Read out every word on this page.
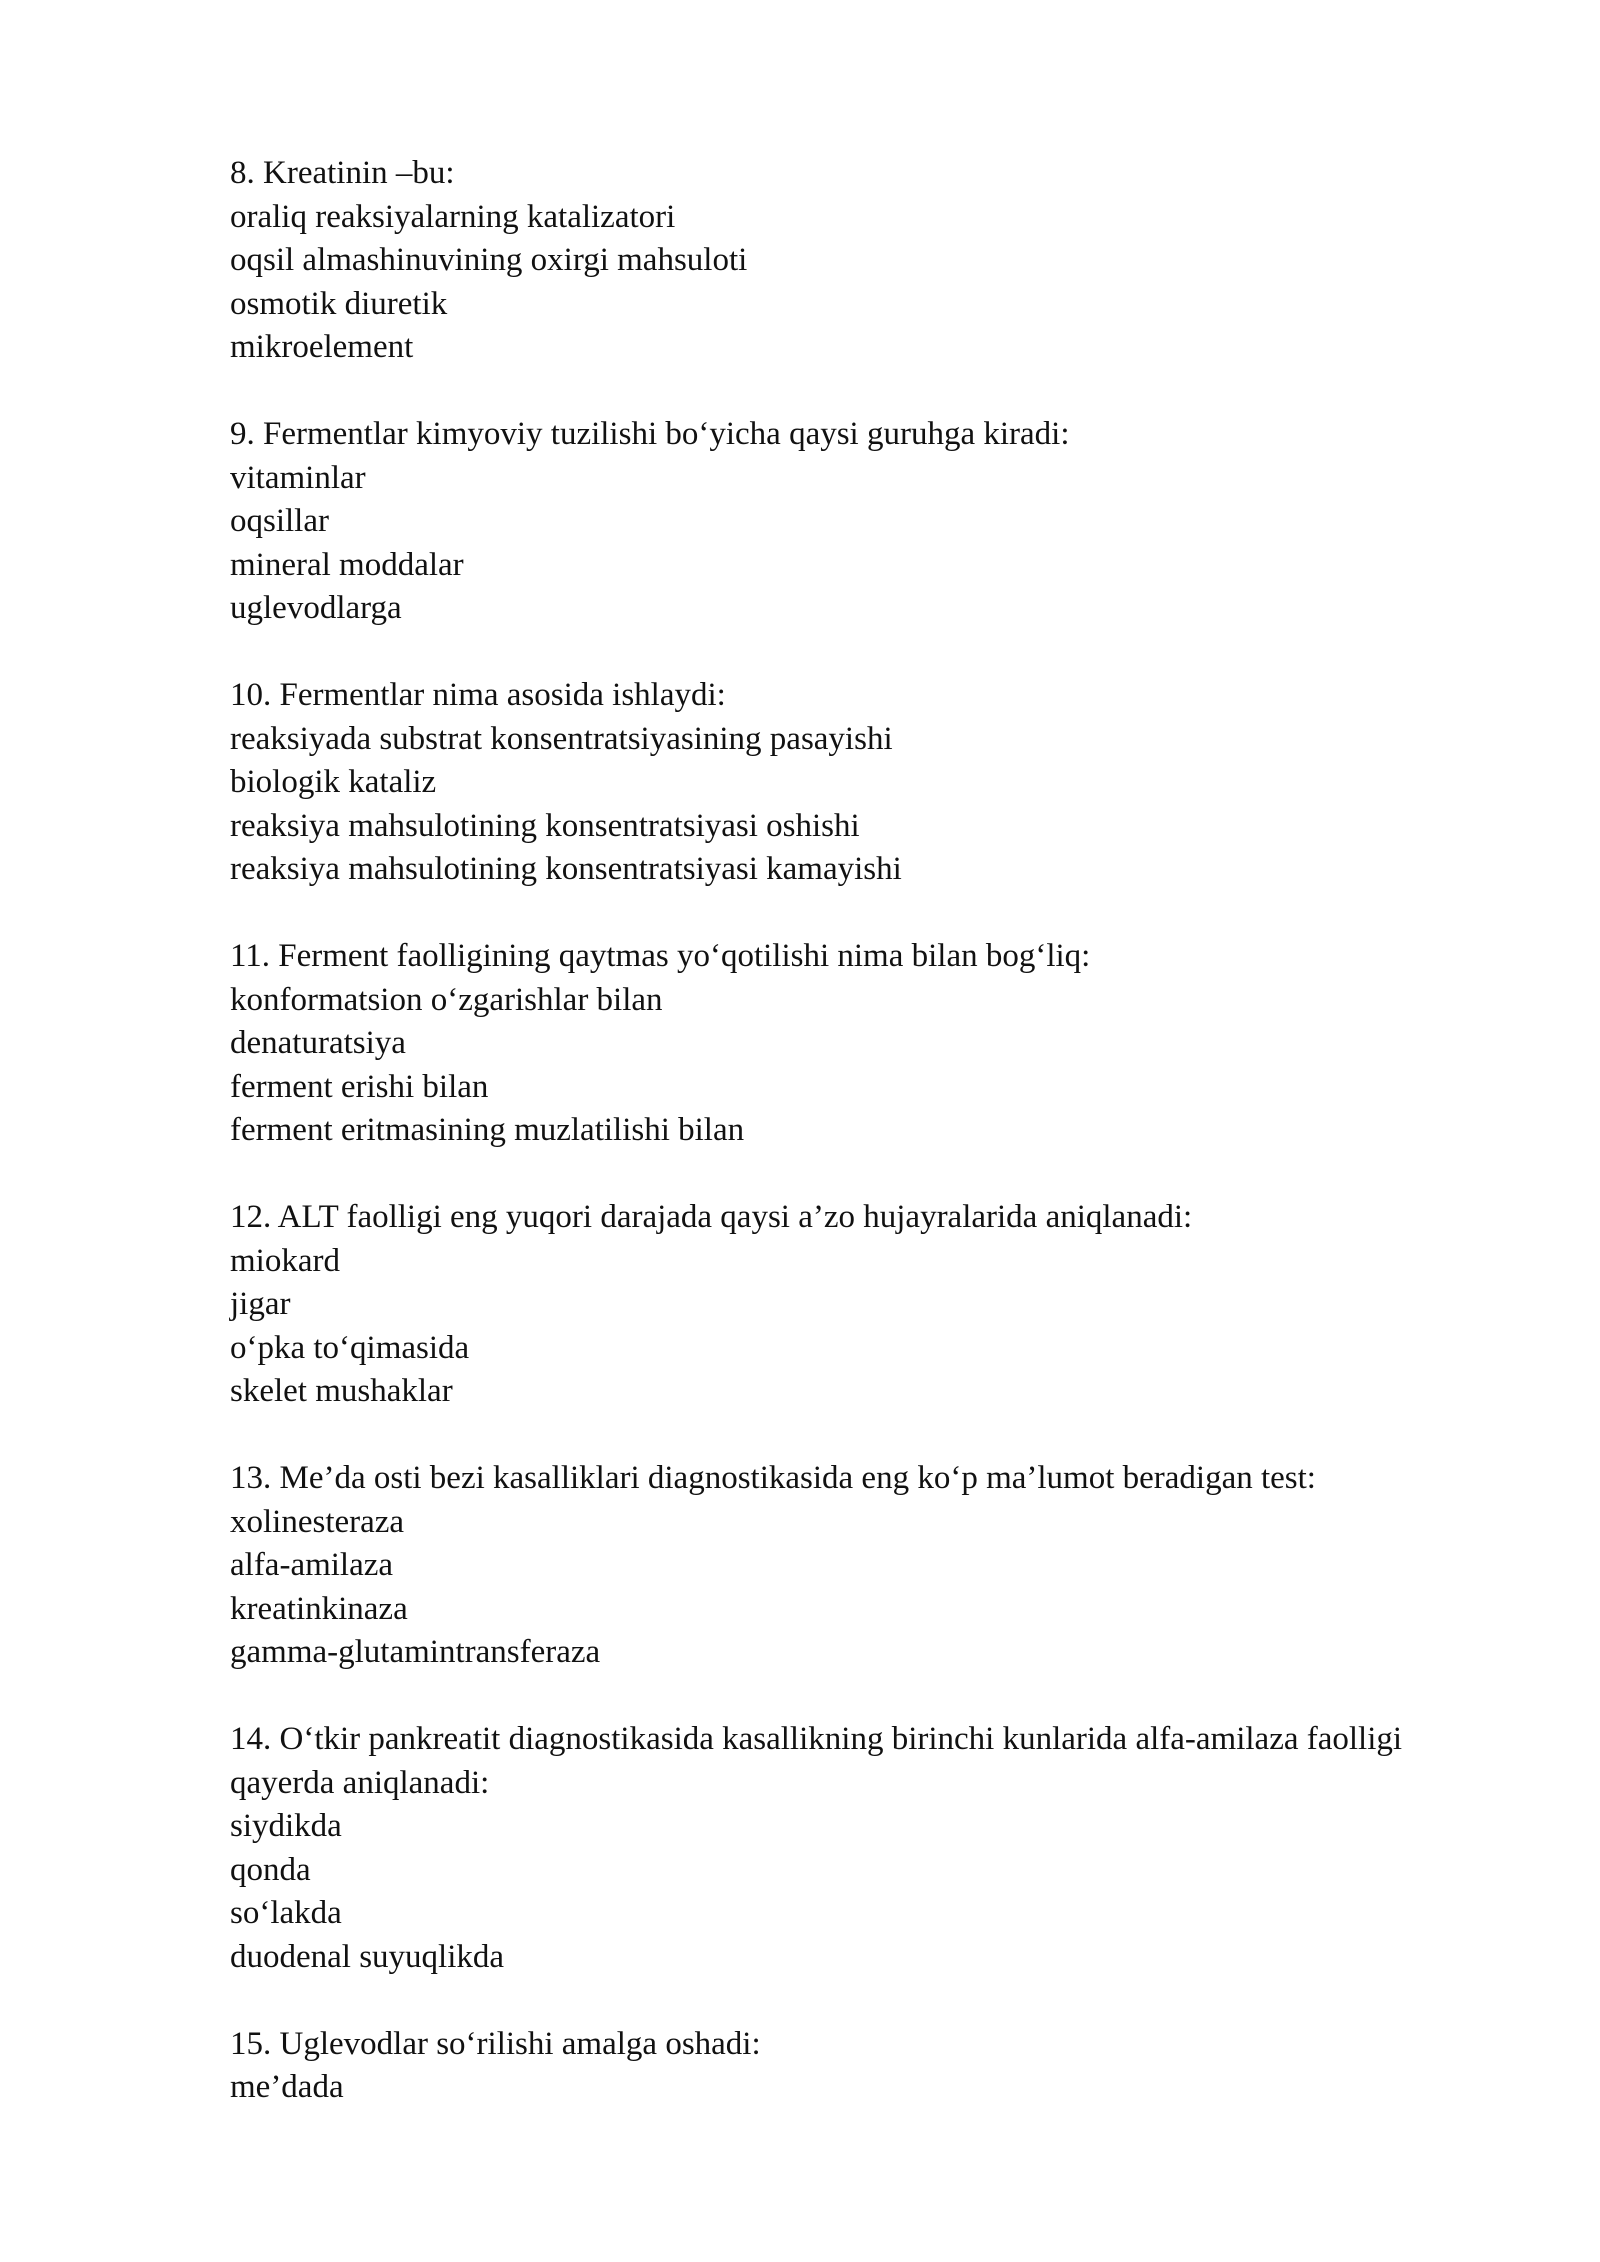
8. Kreatinin –bu:
oraliq reaksiyalarning katalizatori
oqsil almashinuvining oxirgi mahsuloti
osmotik diuretik
mikroelement
9. Fermentlar kimyoviy tuzilishi bo‘yicha qaysi guruhga kiradi:
vitaminlar
oqsillar
mineral moddalar
uglevodlarga
10. Fermentlar nima asosida ishlaydi:
reaksiyada substrat konsentratsiyasining pasayishi
biologik kataliz
reaksiya mahsulotining konsentratsiyasi oshishi
reaksiya mahsulotining konsentratsiyasi kamayishi
11. Ferment faolligining qaytmas yo‘qotilishi nima bilan bog‘liq:
konformatsion o‘zgarishlar bilan
denaturatsiya
ferment erishi bilan
ferment eritmasining muzlatilishi bilan
12. ALT faolligi eng yuqori darajada qaysi a’zo hujayralarida aniqlanadi:
miokard
jigar
o‘pka to‘qimasida
skelet mushaklar
13. Me’da osti bezi kasalliklari diagnostikasida eng ko‘p ma’lumot beradigan test:
xolinesteraza
alfa-amilaza
kreatinkinaza
gamma-glutamintransferaza
14. O‘tkir pankreatit diagnostikasida kasallikning birinchi kunlarida alfa-amilaza faolligi qayerda aniqlanadi:
siydikda
qonda
so‘lakda
duodenal suyuqlikda
15. Uglevodlar so‘rilishi amalga oshadi:
me’dada
